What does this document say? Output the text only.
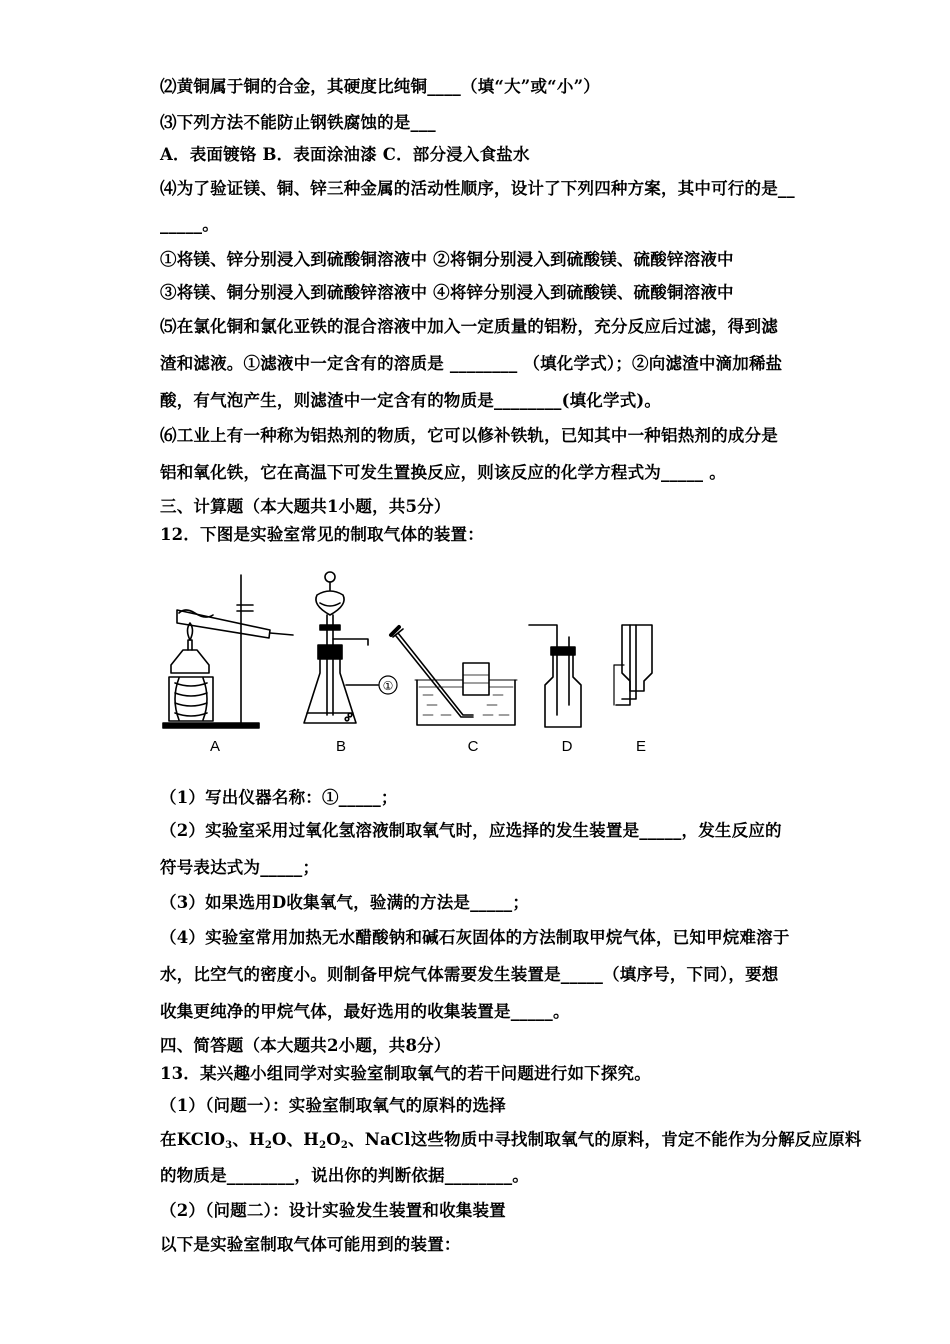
⑵黄铜属于铜的合金，其硬度比纯铜____（填“大”或“小”）
⑶下列方法不能防止钢铁腐蚀的是___
A．表面镀铬 B．表面涂油漆 C．部分浸入食盐水
⑷为了验证镁、铜、锌三种金属的活动性顺序，设计了下列四种方案，其中可行的是__
_____。
①将镁、锌分别浸入到硫酸铜溶液中 ②将铜分别浸入到硫酸镁、硫酸锌溶液中
③将镁、铜分别浸入到硫酸锌溶液中 ④将锌分别浸入到硫酸镁、硫酸铜溶液中
⑸在氯化铜和氯化亚铁的混合溶液中加入一定质量的铝粉，充分反应后过滤，得到滤
渣和滤液。①滤液中一定含有的溶质是 ________ （填化学式）；②向滤渣中滴加稀盐
酸，有气泡产生，则滤渣中一定含有的物质是________(填化学式)。
⑹工业上有一种称为铝热剂的物质，它可以修补铁轨，已知其中一种铝热剂的成分是
铝和氧化铁，它在高温下可发生置换反应，则该反应的化学方程式为_____ 。
三、计算题（本大题共1小题，共5分）
12．下图是实验室常见的制取气体的装置：
A	B	C	D	E
①
（1）写出仪器名称：①_____；
（2）实验室采用过氧化氢溶液制取氧气时，应选择的发生装置是_____，发生反应的
符号表达式为_____；
（3）如果选用D收集氧气，验满的方法是_____；
（4）实验室常用加热无水醋酸钠和碱石灰固体的方法制取甲烷气体，已知甲烷难溶于
水，比空气的密度小。则制备甲烷气体需要发生装置是_____（填序号，下同），要想
收集更纯净的甲烷气体，最好选用的收集装置是_____。
四、简答题（本大题共2小题，共8分）
13．某兴趣小组同学对实验室制取氧气的若干问题进行如下探究。
（1）（问题一）：实验室制取氧气的原料的选择
在KClO$_3$、$H_2O$、$H_2O_2$、NaCl这些物质中寻找制取氧气的原料，肯定不能作为分解反应原料
的物质是________，说出你的判断依据________。
（2）（问题二）：设计实验发生装置和收集装置
以下是实验室制取气体可能用到的装置：
